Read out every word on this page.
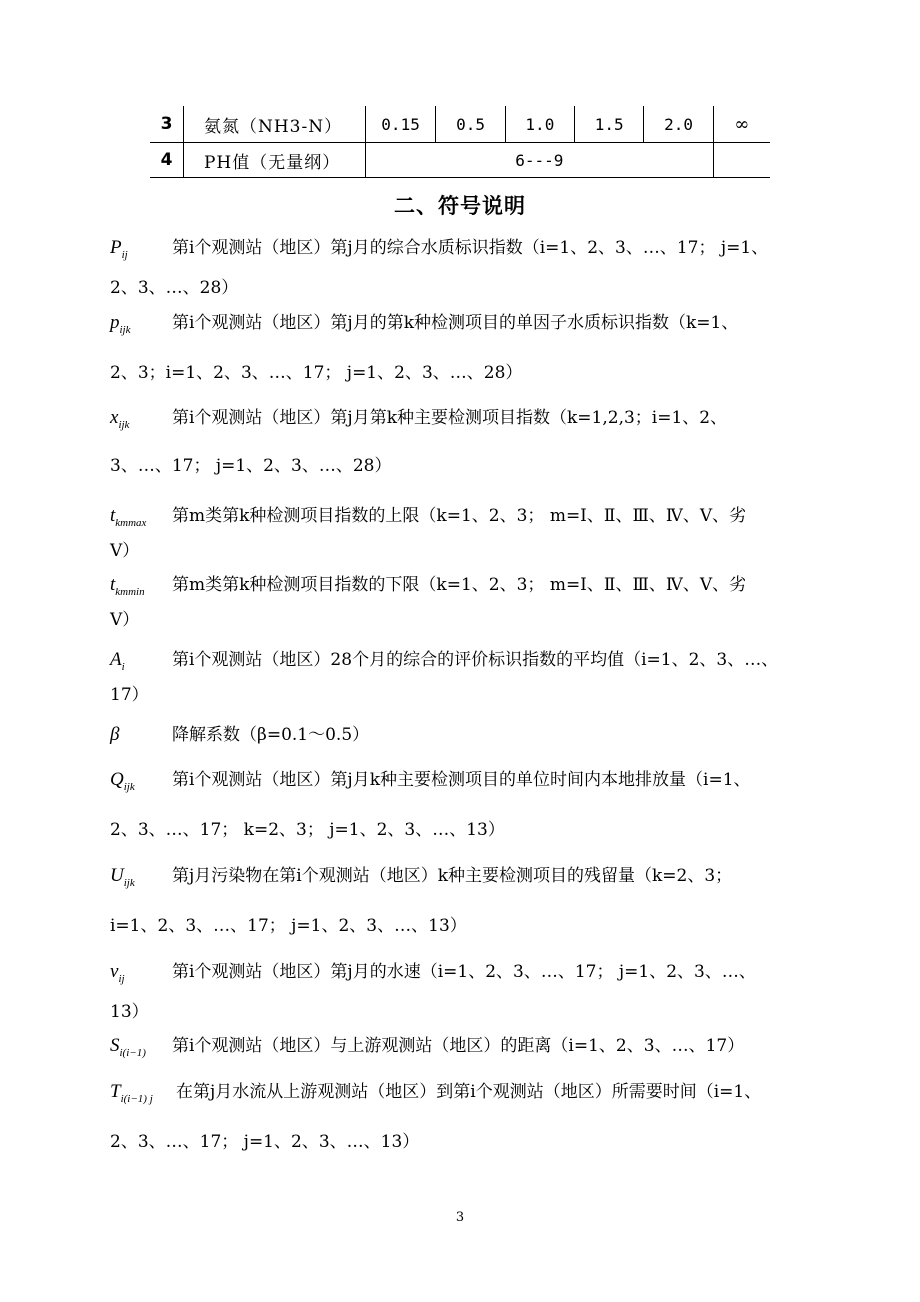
3	氨氮（NH3-N）	0.15	0.5	1.0	1.5	2.0	∞
4	PH值（无量纲）	6---9					
二、符号说明
$P_{ij}$	第i个观测站（地区）第j月的综合水质标识指数（i=1、2、3、…、17； j=1、
2、3、…、28）
$p_{ijk}$ 第i个观测站（地区）第j月的第k种检测项目的单因子水质标识指数（k=1、
2、3；i=1、2、3、…、17； j=1、2、3、…、28）
$x_{ijk}$	第i个观测站（地区）第j月第k种主要检测项目指数（k=1,2,3；i=1、2、
3、…、17； j=1、2、3、…、28）
$t_{kmmax}$ 第m类第k种检测项目指数的上限（k=1、2、3； m=Ⅰ、Ⅱ、Ⅲ、Ⅳ、Ⅴ、劣
Ⅴ）
$t_{kmmin}$ 第m类第k种检测项目指数的下限（k=1、2、3； m=Ⅰ、Ⅱ、Ⅲ、Ⅳ、Ⅴ、劣
Ⅴ）
$A_i$	第i个观测站（地区）28个月的综合的评价标识指数的平均值（i=1、2、3、…、
17）
β	降解系数（β=0.1～0.5）
$Q_{ijk}$ 第i个观测站（地区）第j月k种主要检测项目的单位时间内本地排放量（i=1、
2、3、…、17； k=2、3； j=1、2、3、…、13）
$U_{ijk}$ 第j月污染物在第i个观测站（地区）k种主要检测项目的残留量（k=2、3；
i=1、2、3、…、17； j=1、2、3、…、13）
$v_{ij}$	第i个观测站（地区）第j月的水速（i=1、2、3、…、17； j=1、2、3、…、
13）
$S_{i(i-1)}$ 第i个观测站（地区）与上游观测站（地区）的距离（i=1、2、3、…、17）
$T_{i(i-1) j}$ 在第j月水流从上游观测站（地区）到第i个观测站（地区）所需要时间（i=1、
2、3、…、17； j=1、2、3、…、13）
3
